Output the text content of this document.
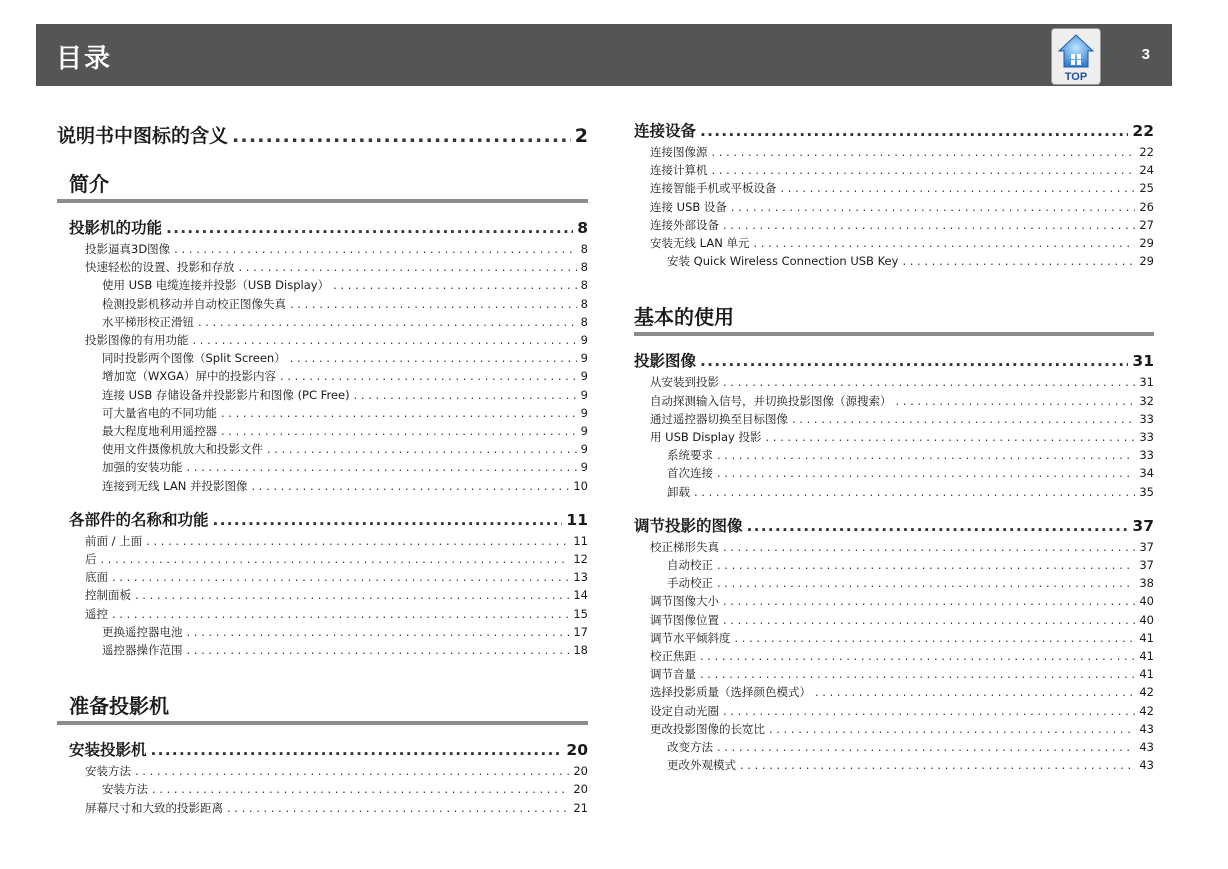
目录	3
TOP
说明书中图标的含义 .....	2
简介
投影机的功能 .....	8
投影逼真3D图像 . . .	8
快速轻松的设置、投影和存放 . . .	8
使用 USB 电缆连接并投影（USB Display） . . .	8
检测投影机移动并自动校正图像失真 . . .	8
水平梯形校正滑钮 . . .	8
投影图像的有用功能 . . .	9
同时投影两个图像（Split Screen） . . .	9
增加宽（WXGA）屏中的投影内容 . . .	9
连接 USB 存储设备并投影影片和图像 (PC Free) . . .	9
可大量省电的不同功能 . . .	9
最大程度地利用遥控器 . . .	9
使用文件摄像机放大和投影文件 . . .	9
加强的安装功能 . . .	9
连接到无线 LAN 并投影图像 . . .	10
各部件的名称和功能 .....	11
前面 / 上面 . . .	11
后 . . .	12
底面 . . .	13
控制面板 . . .	14
遥控 . . .	15
更换遥控器电池 . . .	17
遥控器操作范围 . . .	18
准备投影机
安装投影机 .....	20
安装方法 . . .	20
安装方法 . . .	20
屏幕尺寸和大致的投影距离 . . .	21
连接设备 .....	22
连接图像源 . . .	22
连接计算机 . . .	24
连接智能手机或平板设备 . . .	25
连接 USB 设备 . . .	26
连接外部设备 . . .	27
安装无线 LAN 单元 . . .	29
安装 Quick Wireless Connection USB Key . . .	29
基本的使用
投影图像 .....	31
从安装到投影 . . .	31
自动探测输入信号，并切换投影图像（源搜索） . . .	32
通过遥控器切换至目标图像 . . .	33
用 USB Display 投影 . . .	33
系统要求 . . .	33
首次连接 . . .	34
卸载 . . .	35
调节投影的图像 .....	37
校正梯形失真 . . .	37
自动校正 . . .	37
手动校正 . . .	38
调节图像大小 . . .	40
调节图像位置 . . .	40
调节水平倾斜度 . . .	41
校正焦距 . . .	41
调节音量 . . .	41
选择投影质量（选择颜色模式） . . .	42
设定自动光圈 . . .	42
更改投影图像的长宽比 . . .	43
改变方法 . . .	43
更改外观模式 . . .	43
